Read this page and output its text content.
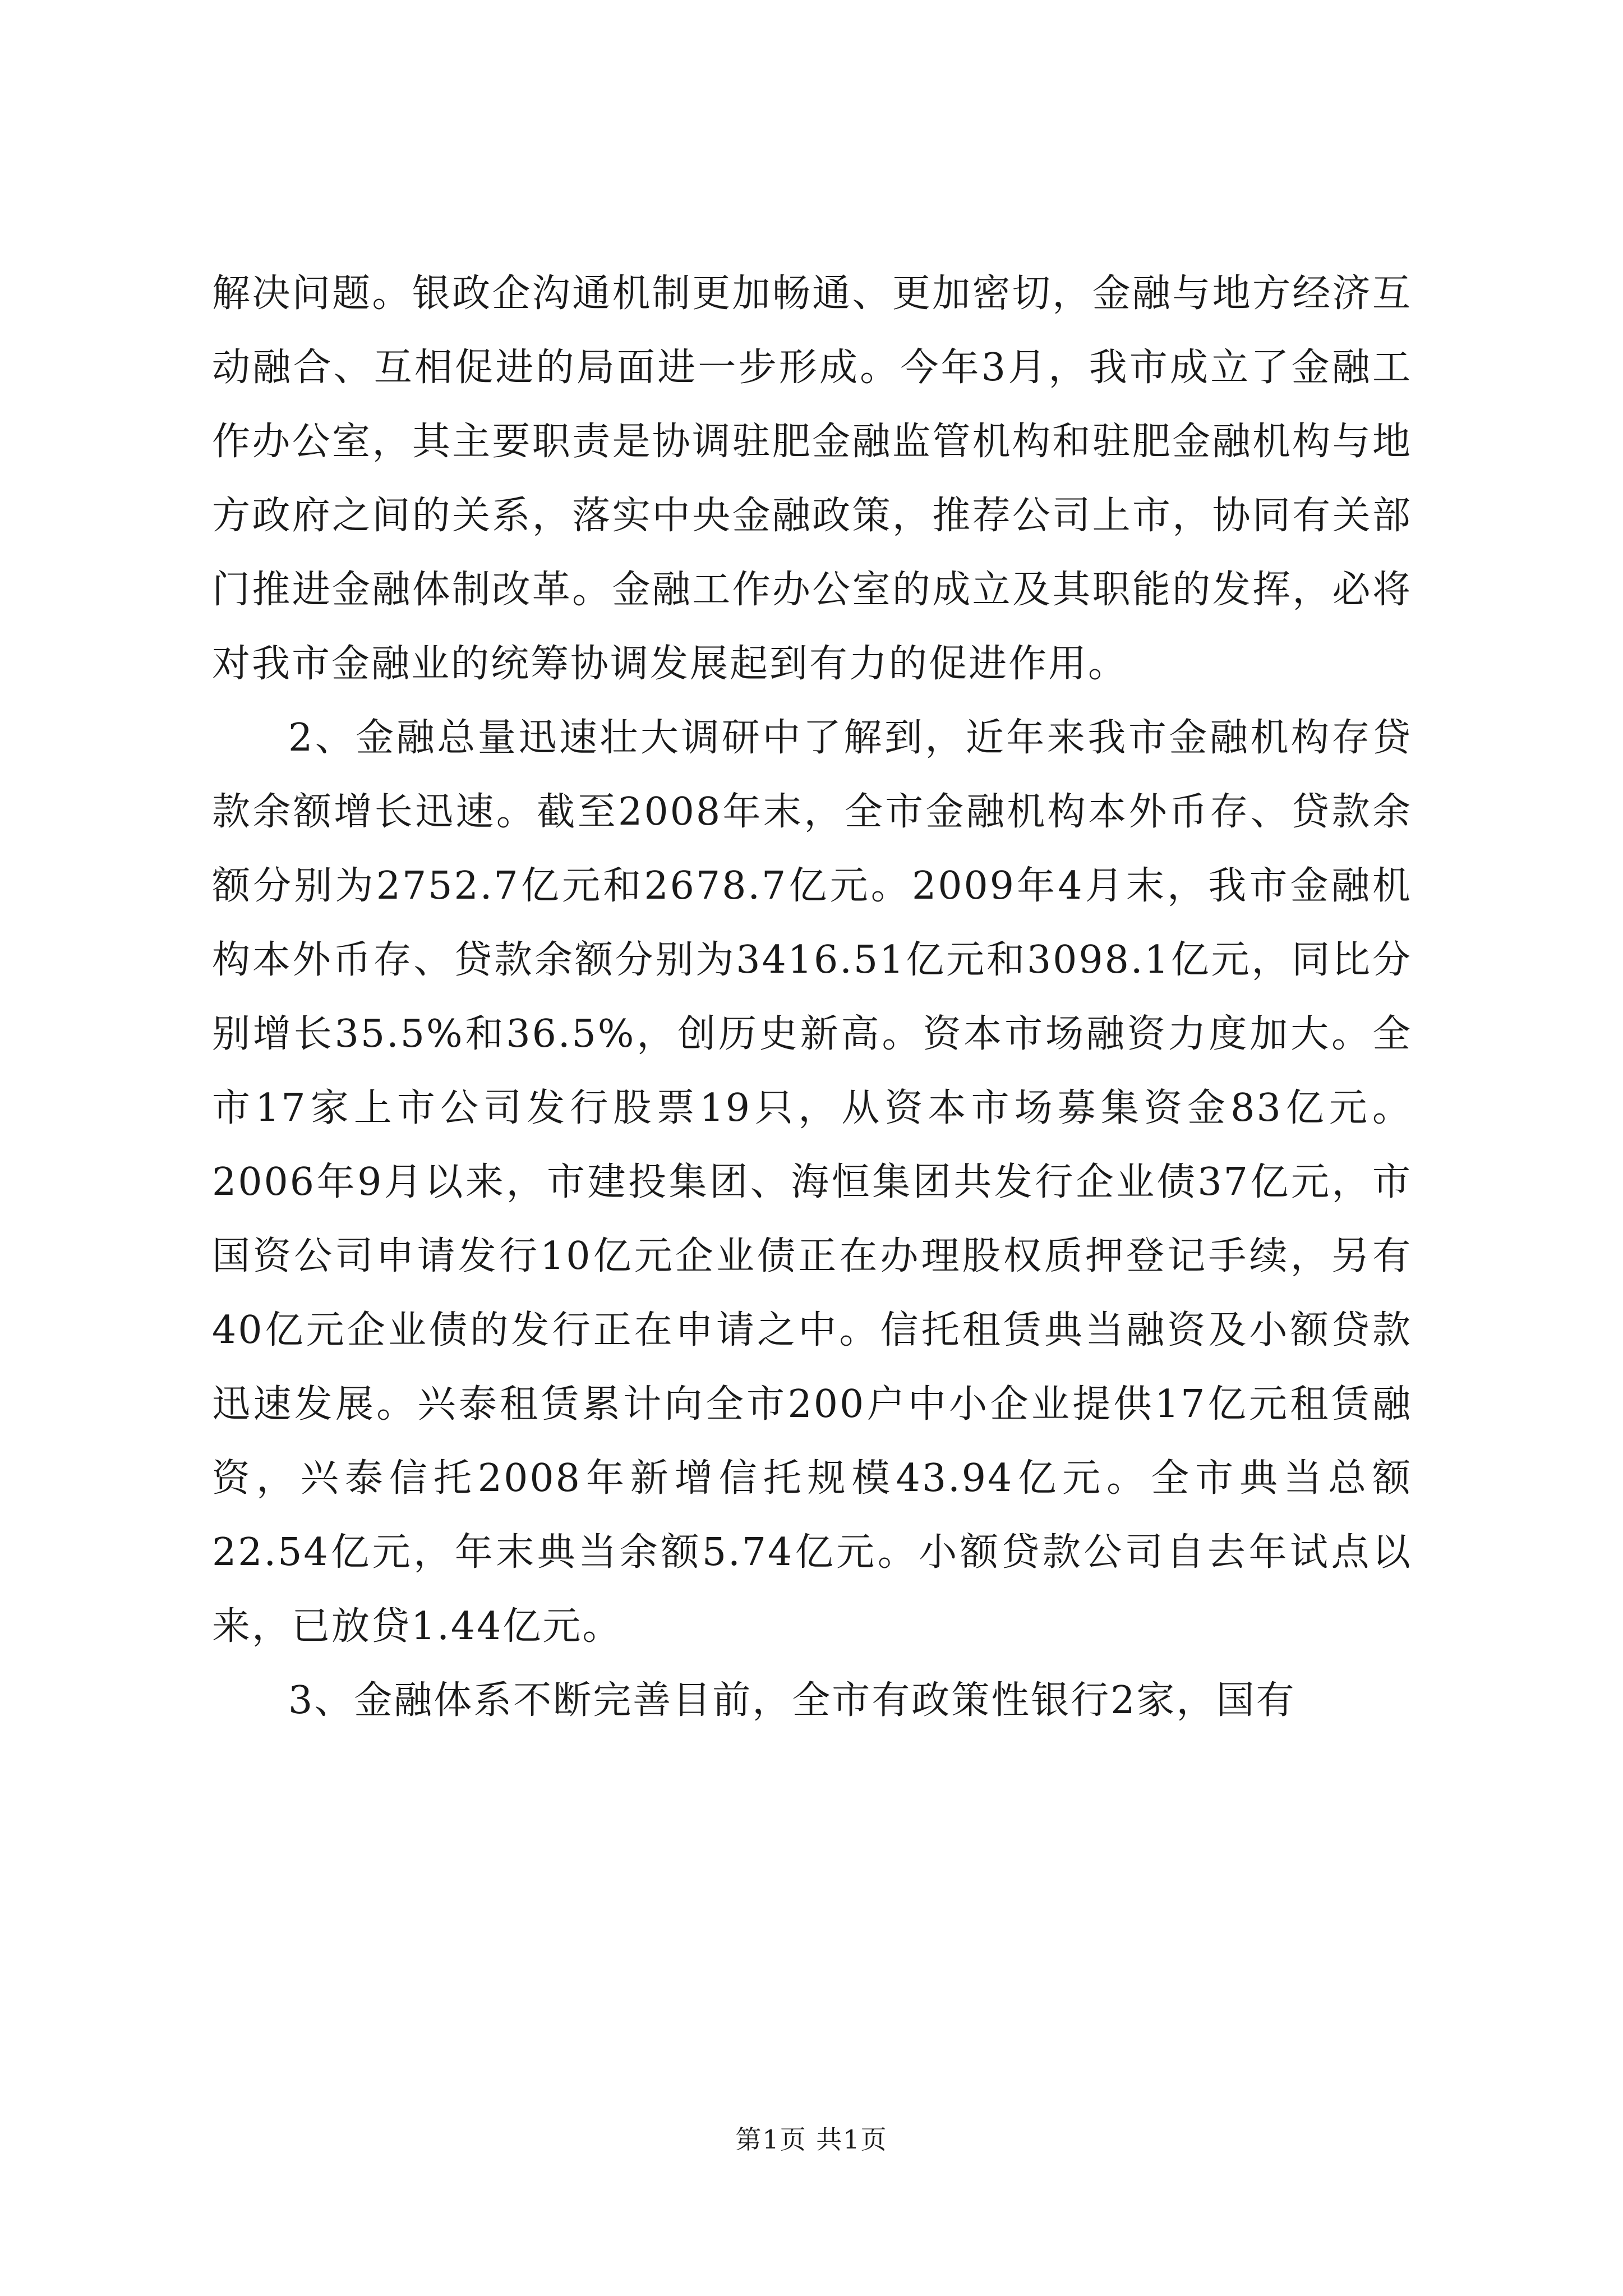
解决问题。银政企沟通机制更加畅通、更加密切，金融与地方经济互动融合、互相促进的局面进一步形成。今年3月，我市成立了金融工作办公室，其主要职责是协调驻肥金融监管机构和驻肥金融机构与地方政府之间的关系，落实中央金融政策，推荐公司上市，协同有关部门推进金融体制改革。金融工作办公室的成立及其职能的发挥，必将对我市金融业的统筹协调发展起到有力的促进作用。

2、金融总量迅速壮大调研中了解到，近年来我市金融机构存贷款余额增长迅速。截至2008年末，全市金融机构本外币存、贷款余额分别为2752.7亿元和2678.7亿元。2009年4月末，我市金融机构本外币存、贷款余额分别为3416.51亿元和3098.1亿元，同比分别增长35.5%和36.5%，创历史新高。资本市场融资力度加大。全市17家上市公司发行股票19只，从资本市场募集资金83亿元。2006年9月以来，市建投集团、海恒集团共发行企业债37亿元，市国资公司申请发行10亿元企业债正在办理股权质押登记手续，另有40亿元企业债的发行正在申请之中。信托租赁典当融资及小额贷款迅速发展。兴泰租赁累计向全市200户中小企业提供17亿元租赁融资，兴泰信托2008年新增信托规模43.94亿元。全市典当总额22.54亿元，年末典当余额5.74亿元。小额贷款公司自去年试点以来，已放贷1.44亿元。

3、金融体系不断完善目前，全市有政策性银行2家，国有

第1页 共1页
